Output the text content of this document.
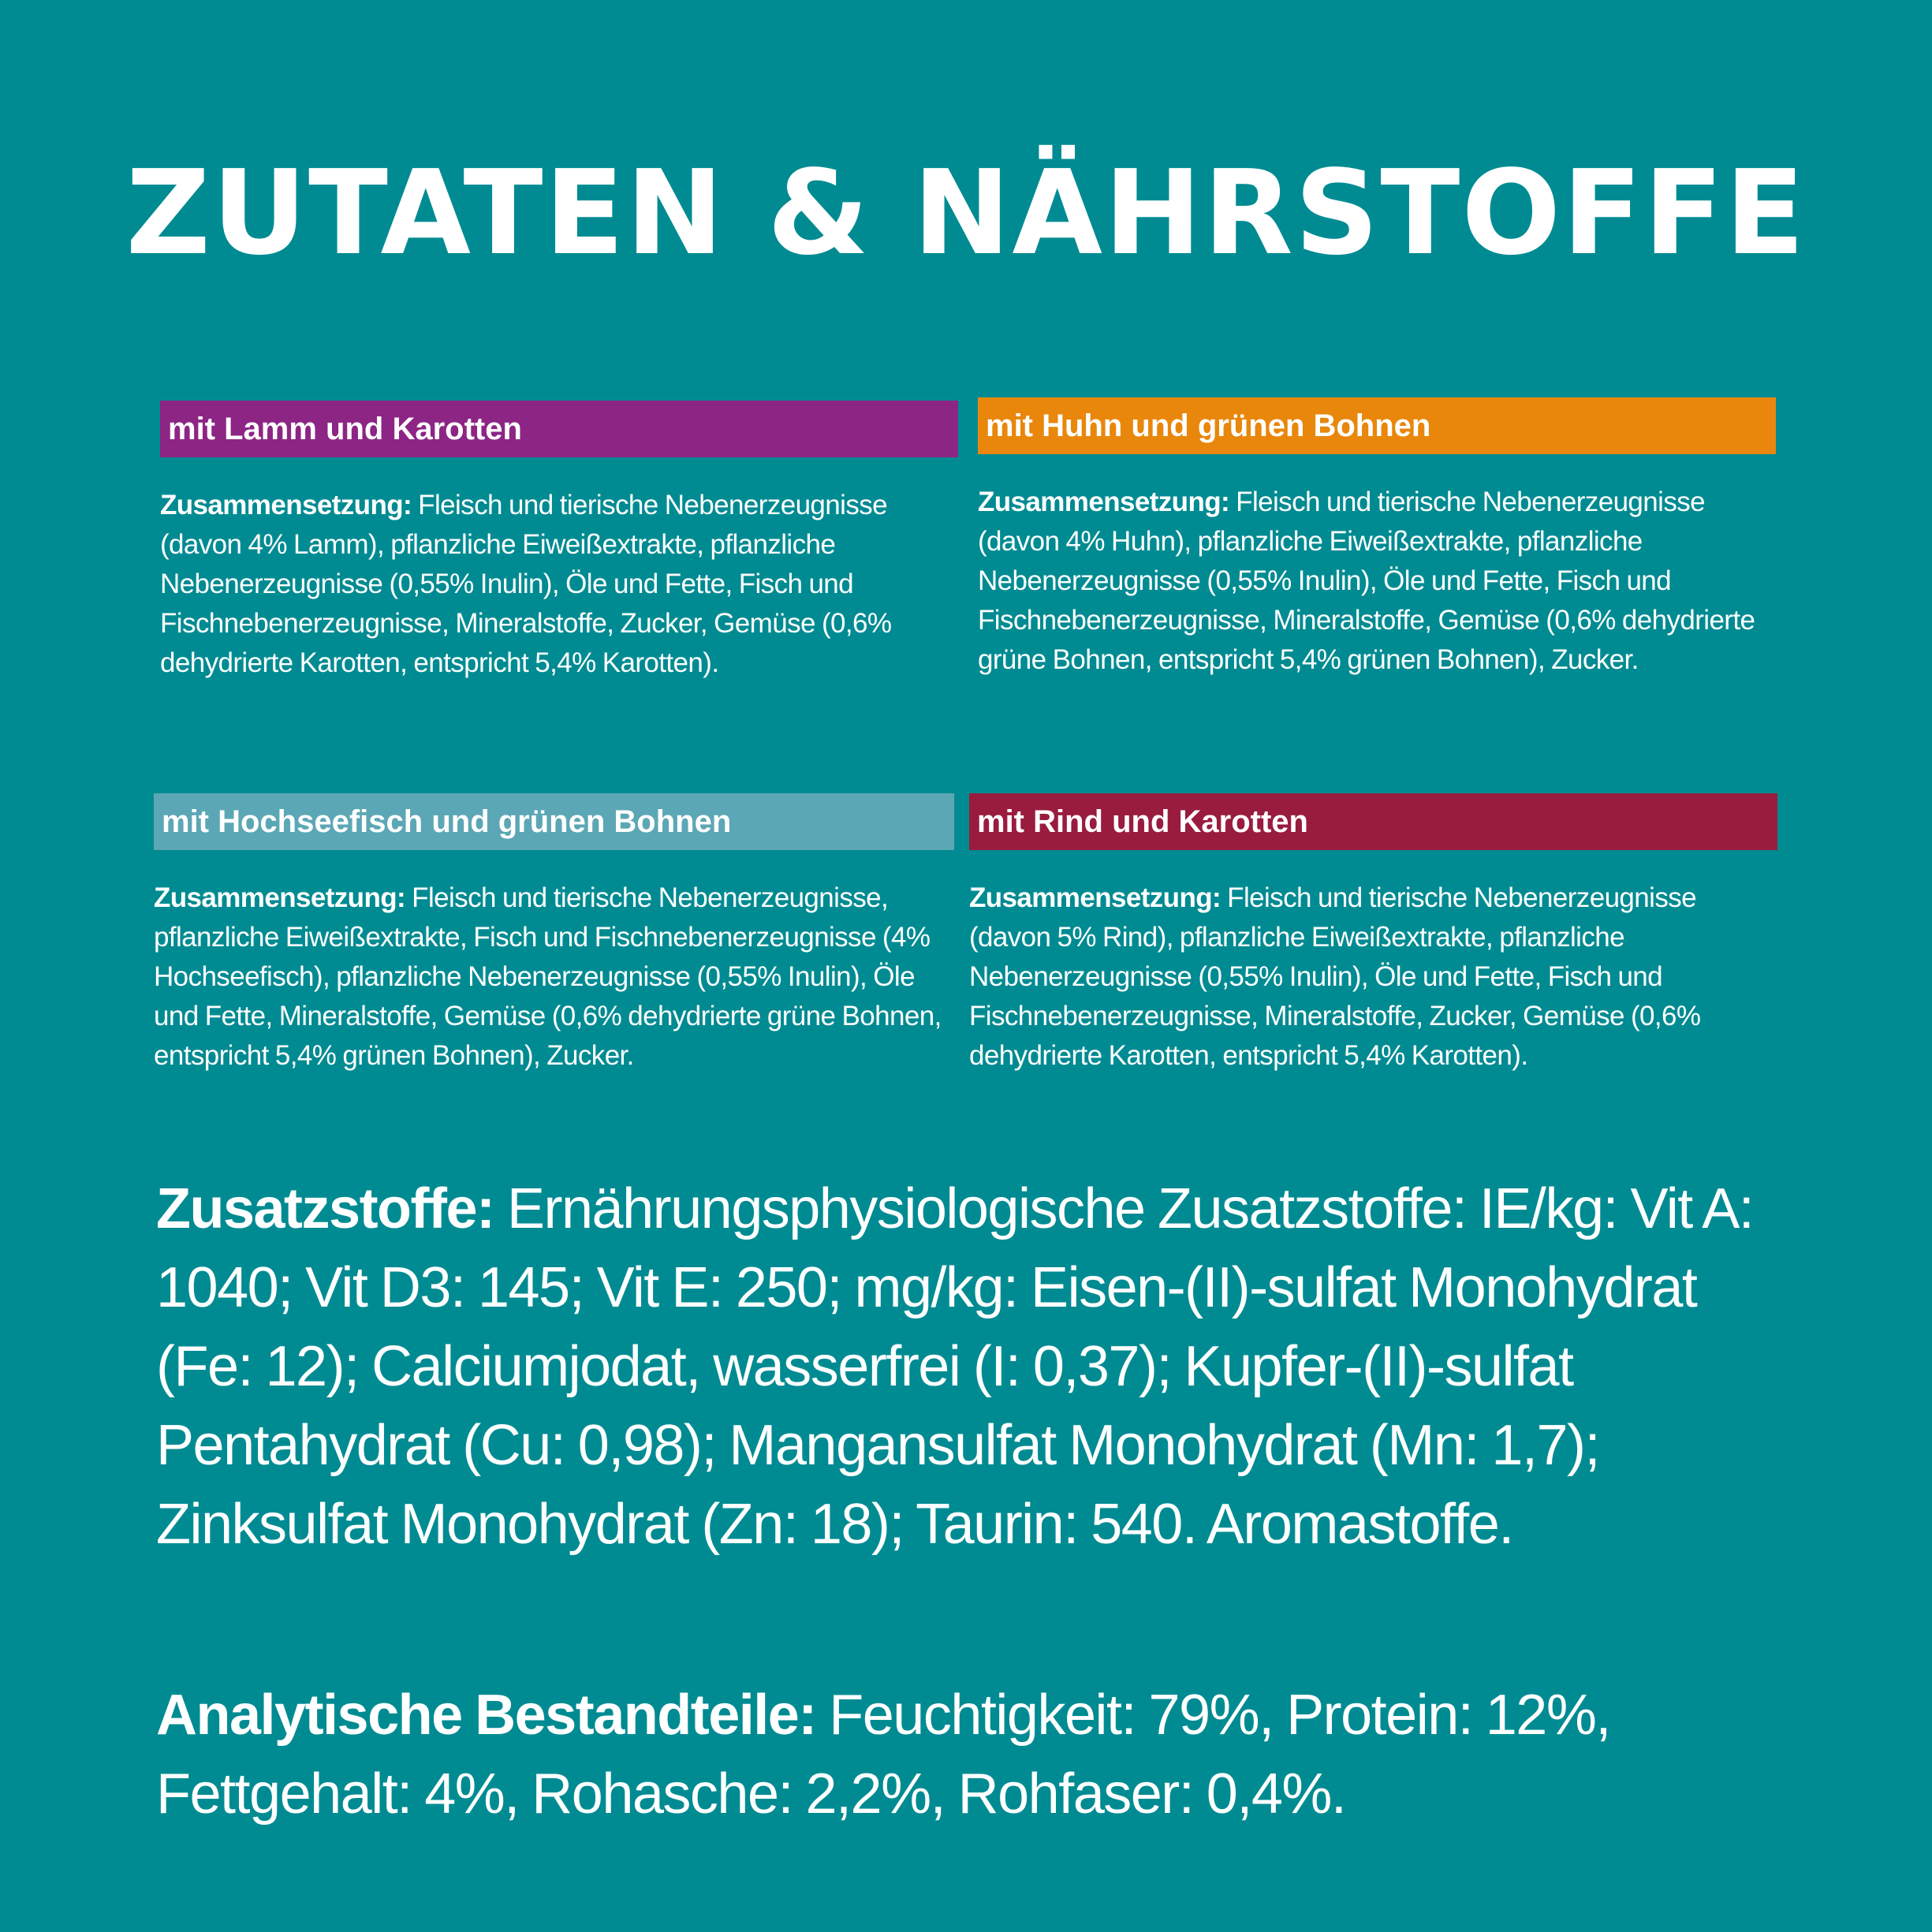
ZUTATEN & NÄHRSTOFFE
mit Lamm und Karotten
Zusammensetzung: Fleisch und tierische Nebenerzeugnisse (davon 4% Lamm), pflanzliche Eiweißextrakte, pflanzliche Nebenerzeugnisse (0,55% Inulin), Öle und Fette, Fisch und Fischnebenerzeugnisse, Mineralstoffe, Zucker, Gemüse (0,6% dehydrierte Karotten, entspricht 5,4% Karotten).
mit Huhn und grünen Bohnen
Zusammensetzung: Fleisch und tierische Nebenerzeugnisse (davon 4% Huhn), pflanzliche Eiweißextrakte, pflanzliche Nebenerzeugnisse (0,55% Inulin), Öle und Fette, Fisch und Fischnebenerzeugnisse, Mineralstoffe, Gemüse (0,6% dehydrierte grüne Bohnen, entspricht 5,4% grünen Bohnen), Zucker.
mit Hochseefisch und grünen Bohnen
Zusammensetzung: Fleisch und tierische Nebenerzeugnisse, pflanzliche Eiweißextrakte, Fisch und Fischnebenerzeugnisse (4% Hochseefisch), pflanzliche Nebenerzeugnisse (0,55% Inulin), Öle und Fette, Mineralstoffe, Gemüse (0,6% dehydrierte grüne Bohnen, entspricht 5,4% grünen Bohnen), Zucker.
mit Rind und Karotten
Zusammensetzung: Fleisch und tierische Nebenerzeugnisse (davon 5% Rind), pflanzliche Eiweißextrakte, pflanzliche Nebenerzeugnisse (0,55% Inulin), Öle und Fette, Fisch und Fischnebenerzeugnisse, Mineralstoffe, Zucker, Gemüse (0,6% dehydrierte Karotten, entspricht 5,4% Karotten).
Zusatzstoffe: Ernährungsphysiologische Zusatzstoffe: IE/kg: Vit A: 1040; Vit D3: 145; Vit E: 250; mg/kg: Eisen-(II)-sulfat Monohydrat (Fe: 12); Calciumjodat, wasserfrei (I: 0,37); Kupfer-(II)-sulfat Pentahydrat (Cu: 0,98); Mangansulfat Monohydrat (Mn: 1,7); Zinksulfat Monohydrat (Zn: 18); Taurin: 540. Aromastoffe.
Analytische Bestandteile: Feuchtigkeit: 79%, Protein: 12%, Fettgehalt: 4%, Rohasche: 2,2%, Rohfaser: 0,4%.
